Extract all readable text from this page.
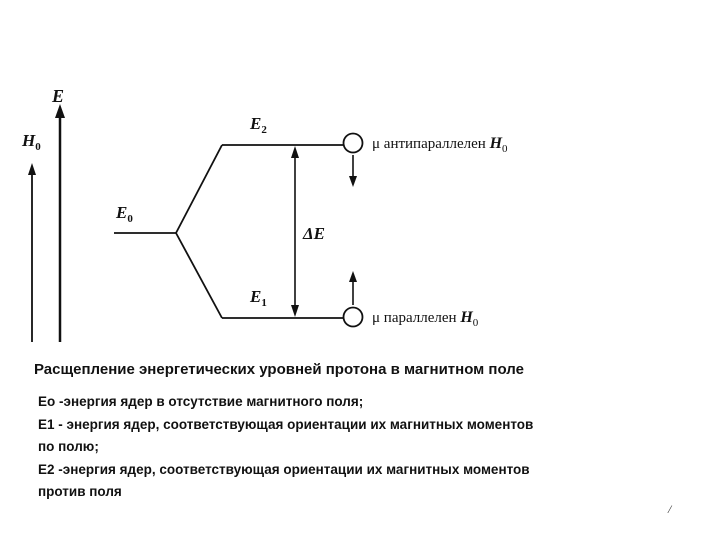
E
$H_0$
$E_0$
$E_2$
$E_1$
ΔE
μ антипараллелен $H_0$
μ параллелен $H_0$
Расщепление энергетических уровней протона в магнитном поле
Eo -энергия ядер в отсутствие магнитного поля;
E1 - энергия ядер, соответствующая ориентации их магнитных моментов
по полю;
E2 -энергия ядер, соответствующая ориентации их магнитных моментов
против поля
/
